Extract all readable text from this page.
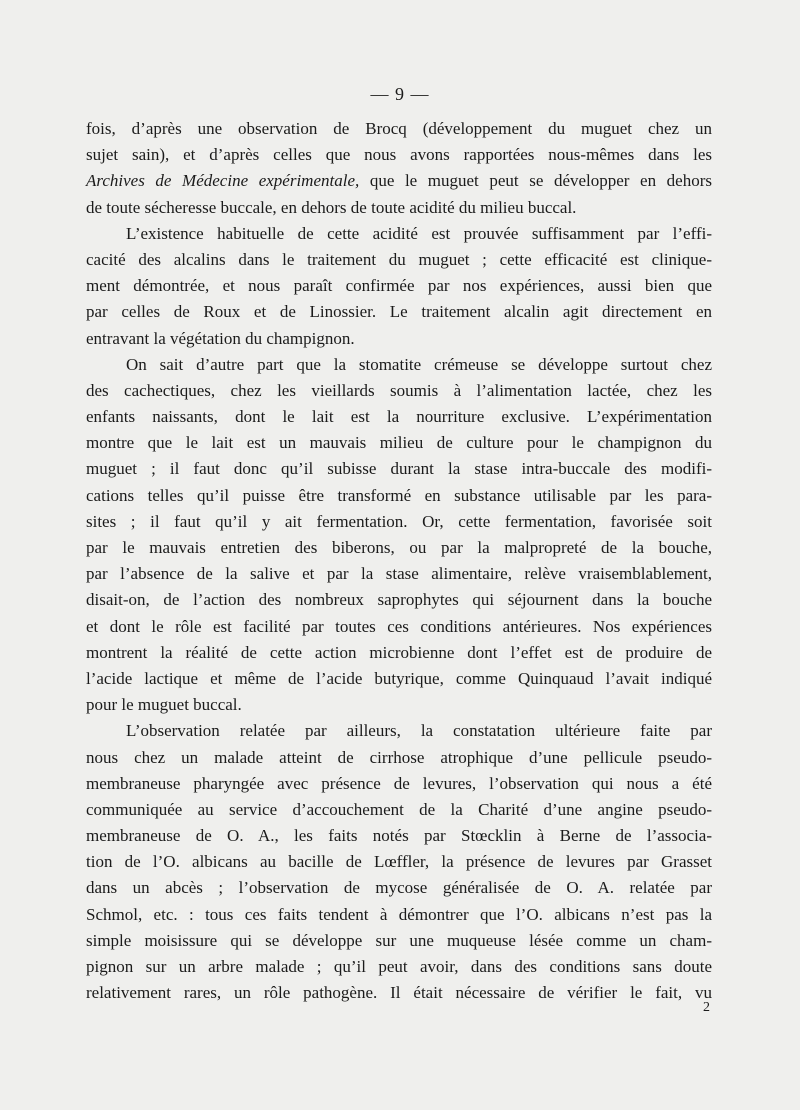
— 9 —
fois, d’après une observation de Brocq (développement du muguet chez un
sujet sain), et d’après celles que nous avons rapportées nous-mêmes dans les
Archives de Médecine expérimentale, que le muguet peut se développer en dehors
de toute sécheresse buccale, en dehors de toute acidité du milieu buccal.
L’existence habituelle de cette acidité est prouvée suffisamment par l’effi-
cacité des alcalins dans le traitement du muguet ; cette efficacité est clinique-
ment démontrée, et nous paraît confirmée par nos expériences, aussi bien que
par celles de Roux et de Linossier. Le traitement alcalin agit directement en
entravant la végétation du champignon.
On sait d’autre part que la stomatite crémeuse se développe surtout chez
des cachectiques, chez les vieillards soumis à l’alimentation lactée, chez les
enfants naissants, dont le lait est la nourriture exclusive. L’expérimentation
montre que le lait est un mauvais milieu de culture pour le champignon du
muguet ; il faut donc qu’il subisse durant la stase intra-buccale des modifi-
cations telles qu’il puisse être transformé en substance utilisable par les para-
sites ; il faut qu’il y ait fermentation. Or, cette fermentation, favorisée soit
par le mauvais entretien des biberons, ou par la malpropreté de la bouche,
par l’absence de la salive et par la stase alimentaire, relève vraisemblablement,
disait-on, de l’action des nombreux saprophytes qui séjournent dans la bouche
et dont le rôle est facilité par toutes ces conditions antérieures. Nos expériences
montrent la réalité de cette action microbienne dont l’effet est de produire de
l’acide lactique et même de l’acide butyrique, comme Quinquaud l’avait indiqué
pour le muguet buccal.
L’observation relatée par ailleurs, la constatation ultérieure faite par
nous chez un malade atteint de cirrhose atrophique d’une pellicule pseudo-
membraneuse pharyngée avec présence de levures, l’observation qui nous a été
communiquée au service d’accouchement de la Charité d’une angine pseudo-
membraneuse de O. A., les faits notés par Stœcklin à Berne de l’associa-
tion de l’O. albicans au bacille de Lœffler, la présence de levures par Grasset
dans un abcès ; l’observation de mycose généralisée de O. A. relatée par
Schmol, etc. : tous ces faits tendent à démontrer que l’O. albicans n’est pas la
simple moisissure qui se développe sur une muqueuse lésée comme un cham-
pignon sur un arbre malade ; qu’il peut avoir, dans des conditions sans doute
relativement rares, un rôle pathogène. Il était nécessaire de vérifier le fait, vu
2
